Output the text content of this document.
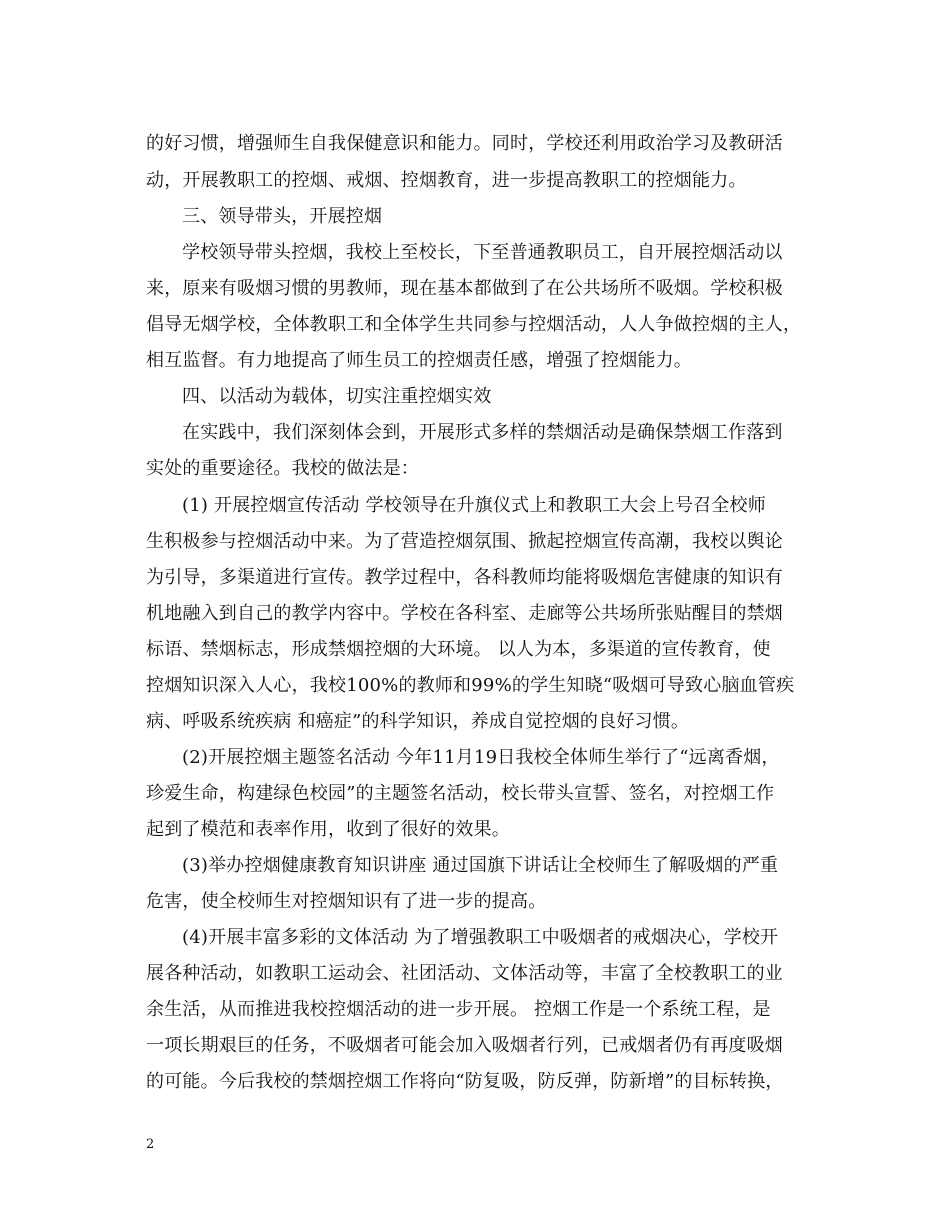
的好习惯，增强师生自我保健意识和能力。同时，学校还利用政治学习及教研活
动，开展教职工的控烟、戒烟、控烟教育，进一步提高教职工的控烟能力。
三、领导带头，开展控烟
学校领导带头控烟，我校上至校长，下至普通教职员工，自开展控烟活动以
来，原来有吸烟习惯的男教师，现在基本都做到了在公共场所不吸烟。学校积极
倡导无烟学校，全体教职工和全体学生共同参与控烟活动，人人争做控烟的主人，
相互监督。有力地提高了师生员工的控烟责任感，增强了控烟能力。
四、以活动为载体，切实注重控烟实效
在实践中，我们深刻体会到，开展形式多样的禁烟活动是确保禁烟工作落到
实处的重要途径。我校的做法是：
(1) 开展控烟宣传活动 学校领导在升旗仪式上和教职工大会上号召全校师
生积极参与控烟活动中来。为了营造控烟氛围、掀起控烟宣传高潮，我校以舆论
为引导，多渠道进行宣传。教学过程中，各科教师均能将吸烟危害健康的知识有
机地融入到自己的教学内容中。学校在各科室、走廊等公共场所张贴醒目的禁烟
标语、禁烟标志，形成禁烟控烟的大环境。 以人为本，多渠道的宣传教育，使
控烟知识深入人心，我校100%的教师和99%的学生知晓“吸烟可导致心脑血管疾
病、呼吸系统疾病 和癌症”的科学知识，养成自觉控烟的良好习惯。
(2)开展控烟主题签名活动 今年11月19日我校全体师生举行了“远离香烟，
珍爱生命，构建绿色校园”的主题签名活动，校长带头宣誓、签名，对控烟工作
起到了模范和表率作用，收到了很好的效果。
(3)举办控烟健康教育知识讲座 通过国旗下讲话让全校师生了解吸烟的严重
危害，使全校师生对控烟知识有了进一步的提高。
(4)开展丰富多彩的文体活动 为了增强教职工中吸烟者的戒烟决心，学校开
展各种活动，如教职工运动会、社团活动、文体活动等，丰富了全校教职工的业
余生活，从而推进我校控烟活动的进一步开展。 控烟工作是一个系统工程，是
一项长期艰巨的任务，不吸烟者可能会加入吸烟者行列，已戒烟者仍有再度吸烟
的可能。今后我校的禁烟控烟工作将向“防复吸，防反弹，防新增”的目标转换，
2
